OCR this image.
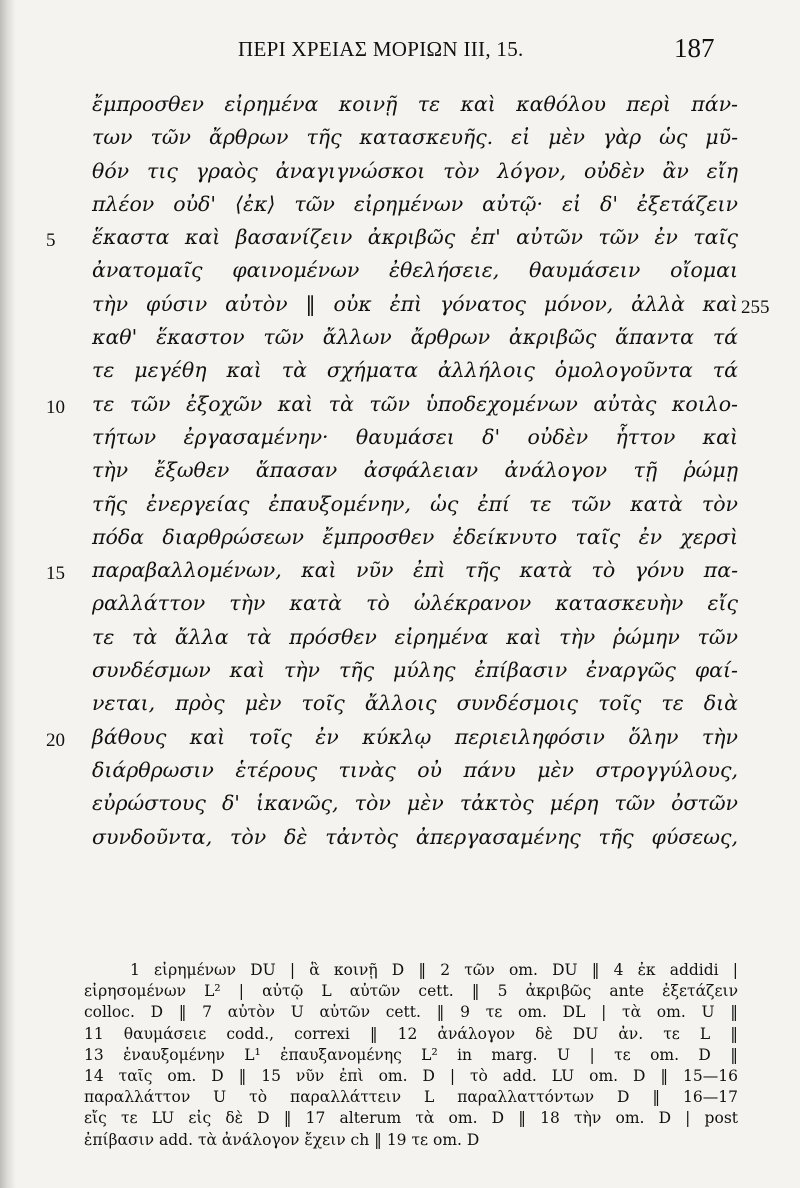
ΠΕΡΙ ΧΡΕΙΑΣ ΜΟΡΙΩΝ III, 15.	187
ἔμπροσθεν εἰρημένα κοινῇ τε καὶ καθόλου περὶ πάν-
των τῶν ἄρθρων τῆς κατασκευῆς. εἰ μὲν γὰρ ὡς μῦ-
θόν τις γραὸς ἀναγιγνώσκοι τὸν λόγον, οὐδὲν ἂν εἴη
πλέον οὐδ' ⟨ἐκ⟩ τῶν εἰρημένων αὐτῷ· εἰ δ' ἐξετάζειν
5 ἕκαστα καὶ βασανίζειν ἀκριβῶς ἐπ' αὐτῶν τῶν ἐν ταῖς
ἀνατομαῖς φαινομένων ἐθελήσειε, θαυμάσειν οἴομαι
τὴν φύσιν αὐτὸν ‖ οὐκ ἐπὶ γόνατος μόνον, ἀλλὰ καὶ 255
καθ' ἕκαστον τῶν ἄλλων ἄρθρων ἀκριβῶς ἅπαντα τά
τε μεγέθη καὶ τὰ σχήματα ἀλλήλοις ὁμολογοῦντα τά
10 τε τῶν ἐξοχῶν καὶ τὰ τῶν ὑποδεχομένων αὐτὰς κοιλο-
τήτων ἐργασαμένην· θαυμάσει δ' οὐδὲν ἧττον καὶ
τὴν ἔξωθεν ἅπασαν ἀσφάλειαν ἀνάλογον τῇ ῥώμῃ
τῆς ἐνεργείας ἐπαυξομένην, ὡς ἐπί τε τῶν κατὰ τὸν
πόδα διαρθρώσεων ἔμπροσθεν ἐδείκνυτο ταῖς ἐν χερσὶ
15 παραβαλλομένων, καὶ νῦν ἐπὶ τῆς κατὰ τὸ γόνυ πα-
ραλλάττον τὴν κατὰ τὸ ὠλέκρανον κατασκευὴν εἴς
τε τὰ ἄλλα τὰ πρόσθεν εἰρημένα καὶ τὴν ῥώμην τῶν
συνδέσμων καὶ τὴν τῆς μύλης ἐπίβασιν ἐναργῶς φαί-
νεται, πρὸς μὲν τοῖς ἄλλοις συνδέσμοις τοῖς τε διὰ
20 βάθους καὶ τοῖς ἐν κύκλῳ περιειληφόσιν ὅλην τὴν
διάρθρωσιν ἑτέρους τινὰς οὐ πάνυ μὲν στρογγύλους,
εὐρώστους δ' ἱκανῶς, τὸν μὲν τἀκτὸς μέρη τῶν ὀστῶν
συνδοῦντα, τὸν δὲ τἀντὸς ἀπεργασαμένης τῆς φύσεως,
1 εἰρημένων DU | ἃ κοινῇ D ‖ 2 τῶν om. DU ‖ 4 ἐκ addidi |
εἰρησομένων L² | αὐτῷ L αὐτῶν cett. ‖ 5 ἀκριβῶς ante ἐξετάζειν
colloc. D ‖ 7 αὐτὸν U αὐτῶν cett. ‖ 9 τε om. DL | τὰ om. U ‖
11 θαυμάσειε codd., correxi ‖ 12 ἀνάλογον δὲ DU ἀν. τε L ‖
13 ἐναυξομένην L¹ ἐπαυξανομένης L² in marg. U | τε om. D ‖
14 ταῖς om. D ‖ 15 νῦν ἐπὶ om. D | τὸ add. LU om. D ‖ 15—16
παραλλάττον U τὸ παραλλάττειν L παραλλαττόντων D ‖ 16—17
εἴς τε LU εἰς δὲ D ‖ 17 alterum τὰ om. D ‖ 18 τὴν om. D | post
ἐπίβασιν add. τὰ ἀνάλογον ἔχειν ch ‖ 19 τε om. D
